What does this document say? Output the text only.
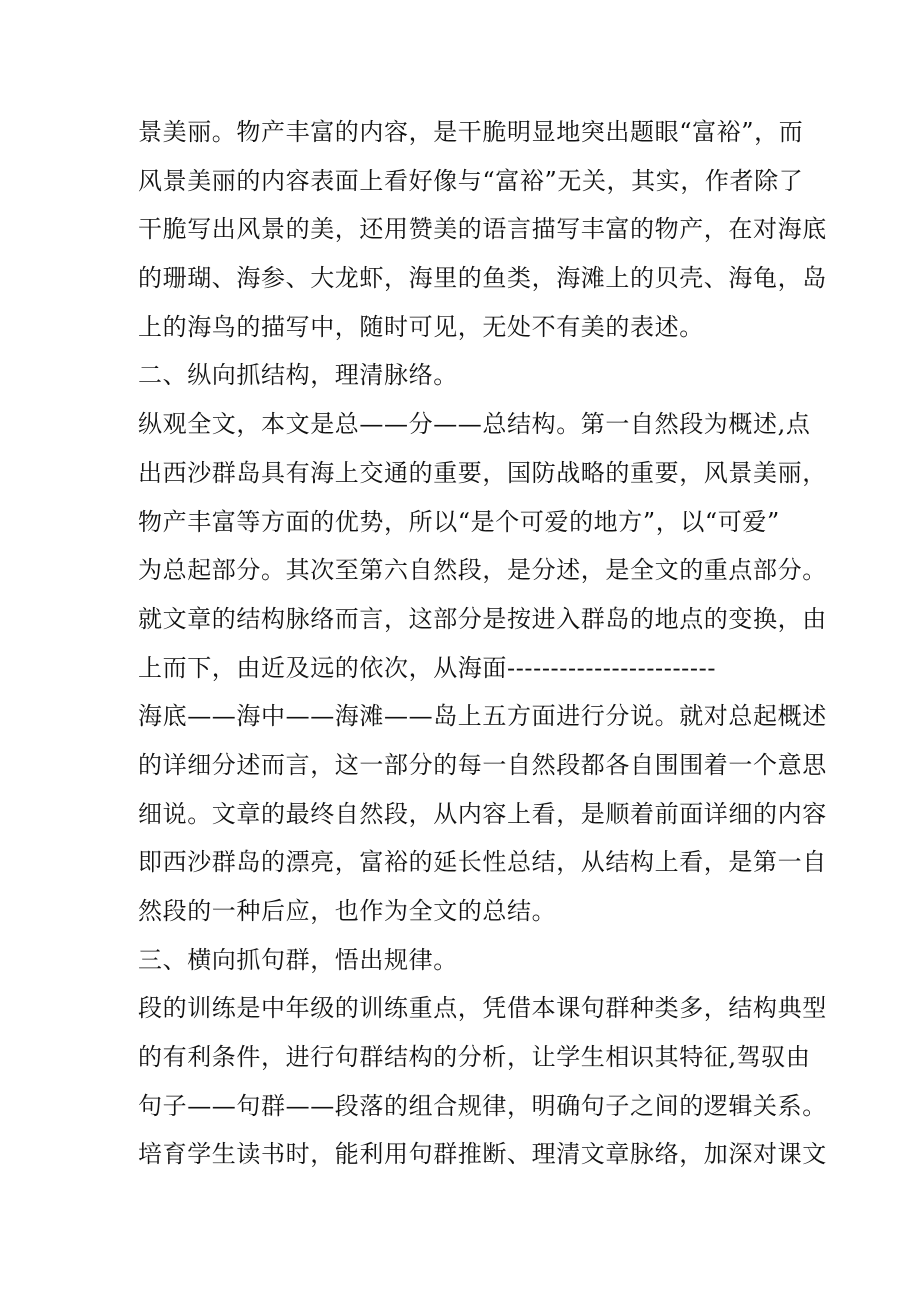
景美丽。物产丰富的内容，是干脆明显地突出题眼“富裕”，而
风景美丽的内容表面上看好像与“富裕”无关，其实，作者除了
干脆写出风景的美，还用赞美的语言描写丰富的物产，在对海底
的珊瑚、海参、大龙虾，海里的鱼类，海滩上的贝壳、海龟，岛
上的海鸟的描写中，随时可见，无处不有美的表述。
二、纵向抓结构，理清脉络。
纵观全文，本文是总——分——总结构。第一自然段为概述,点
出西沙群岛具有海上交通的重要，国防战略的重要，风景美丽，
物产丰富等方面的优势，所以“是个可爱的地方”，以“可爱”
为总起部分。其次至第六自然段，是分述，是全文的重点部分。
就文章的结构脉络而言，这部分是按进入群岛的地点的变换，由
上而下，由近及远的依次，从海面------------------------
海底——海中——海滩——岛上五方面进行分说。就对总起概述
的详细分述而言，这一部分的每一自然段都各自围围着一个意思
细说。文章的最终自然段，从内容上看，是顺着前面详细的内容
即西沙群岛的漂亮，富裕的延长性总结，从结构上看，是第一自
然段的一种后应，也作为全文的总结。
三、横向抓句群，悟出规律。
段的训练是中年级的训练重点，凭借本课句群种类多，结构典型
的有利条件，进行句群结构的分析，让学生相识其特征,驾驭由
句子——句群——段落的组合规律，明确句子之间的逻辑关系。
培育学生读书时，能利用句群推断、理清文章脉络，加深对课文
